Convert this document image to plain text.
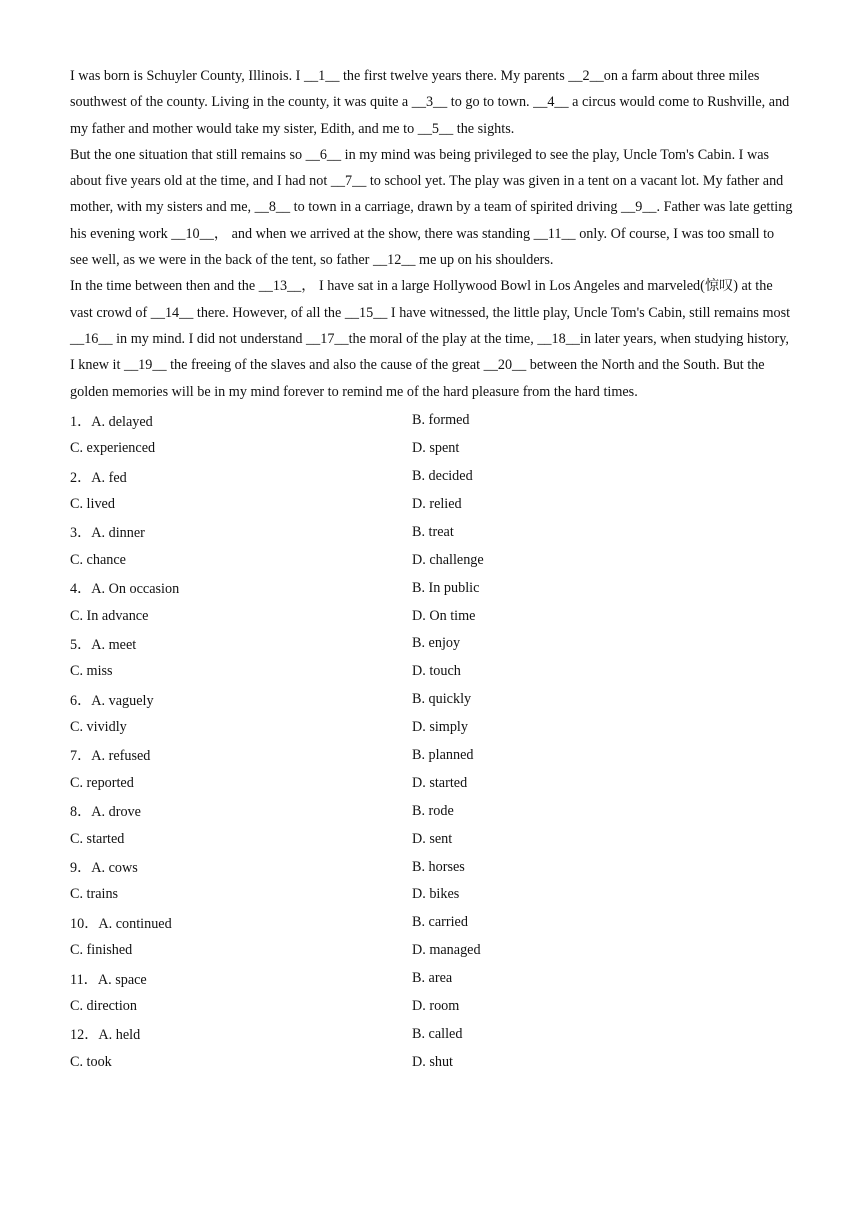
I was born is Schuyler County, Illinois. I __1__ the first twelve years there. My parents __2__on a farm about three miles southwest of the county. Living in the county, it was quite a __3__ to go to town. __4__ a circus would come to Rushville, and my father and mother would take my sister, Edith, and me to __5__ the sights.

But the one situation that still remains so __6__ in my mind was being privileged to see the play, Uncle Tom's Cabin. I was about five years old at the time, and I had not __7__ to school yet. The play was given in a tent on a vacant lot. My father and mother, with my sisters and me, __8__ to town in a carriage, drawn by a team of spirited driving __9__. Father was late getting his evening work __10__， and when we arrived at the show, there was standing __11__ only. Of course, I was too small to see well, as we were in the back of the tent, so father __12__ me up on his shoulders.

In the time between then and the __13__， I have sat in a large Hollywood Bowl in Los Angeles and marveled(惊叹) at the vast crowd of __14__ there. However, of all the __15__ I have witnessed, the little play, Uncle Tom's Cabin, still remains most __16__ in my mind. I did not understand __17__the moral of the play at the time, __18__in later years, when studying history, I knew it __19__ the freeing of the slaves and also the cause of the great __20__ between the North and the South. But the golden memories will be in my mind forever to remind me of the hard pleasure from the hard times.

1．A. delayed	B. formed
C. experienced	D. spent
2．A. fed	B. decided
C. lived	D. relied
3．A. dinner	B. treat
C. chance	D. challenge
4．A. On occasion	B. In public
C. In advance	D. On time
5．A. meet	B. enjoy
C. miss	D. touch
6．A. vaguely	B. quickly
C. vividly	D. simply
7．A. refused	B. planned
C. reported	D. started
8．A. drove	B. rode
C. started	D. sent
9．A. cows	B. horses
C. trains	D. bikes
10．A. continued	B. carried
C. finished	D. managed
11．A. space	B. area
C. direction	D. room
12．A. held	B. called
C. took	D. shut
